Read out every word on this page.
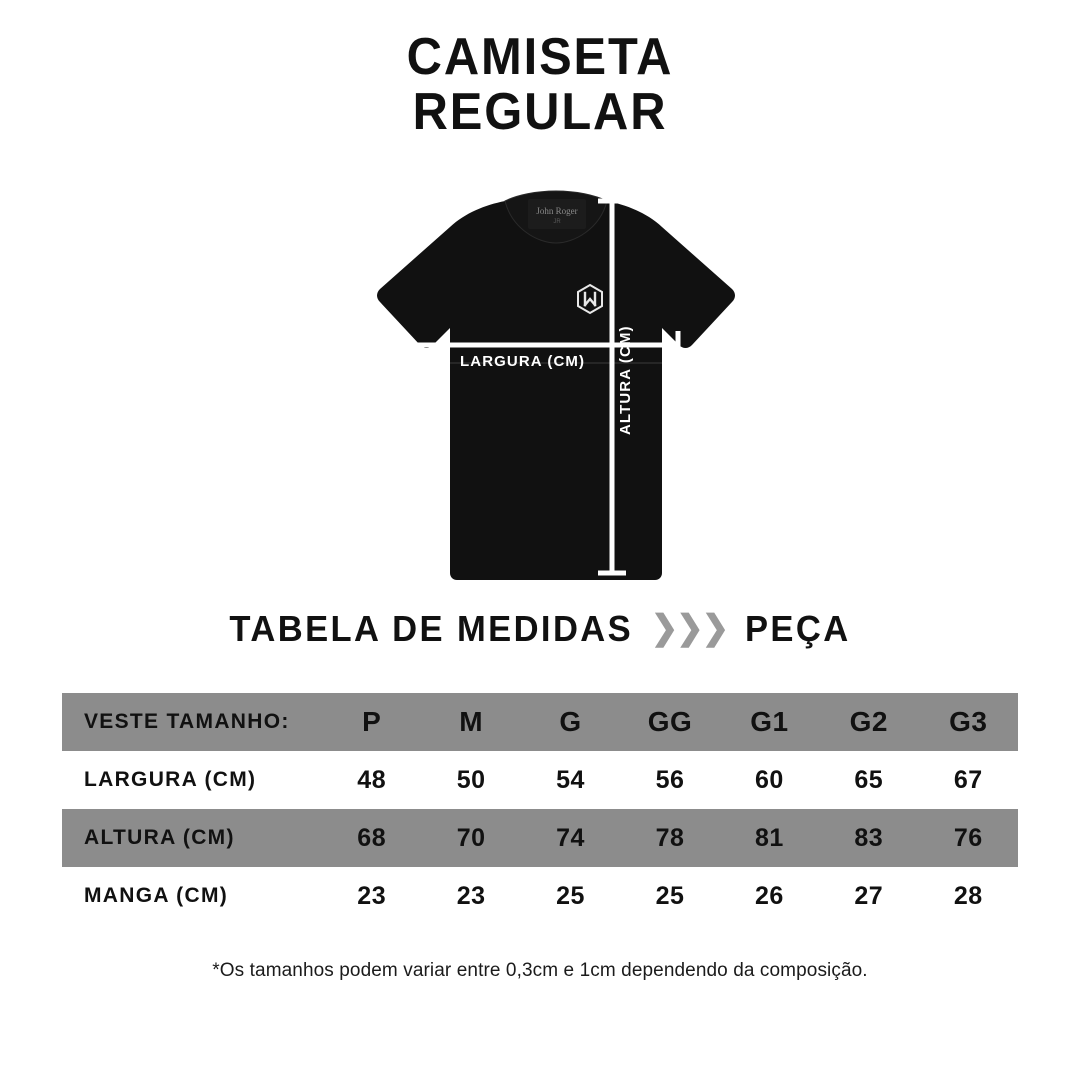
CAMISETA
REGULAR
John Roger
JR
LARGURA (CM) ALTURA (CM)
TABELA DE MEDIDAS ❯❯❯ PEÇA
VESTE TAMANHO:	P	M	G	GG	G1	G2	G3
LARGURA (CM)	48	50	54	56	60	65	67
ALTURA (CM)	68	70	74	78	81	83	76
MANGA (CM)	23	23	25	25	26	27	28
*Os tamanhos podem variar entre 0,3cm e 1cm dependendo da composição.
